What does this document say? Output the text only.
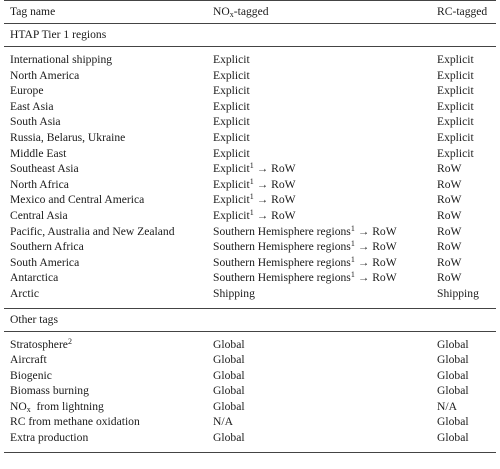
Tag name	$NO_x$-tagged	RC-tagged
HTAP Tier 1 regions		
International shipping	Explicit	Explicit
North America	Explicit	Explicit
Europe	Explicit	Explicit
East Asia	Explicit	Explicit
South Asia	Explicit	Explicit
Russia, Belarus, Ukraine	Explicit	Explicit
Middle East	Explicit	Explicit
Southeast Asia	Explicit$^1$ → RoW	RoW
North Africa	Explicit$^1$ → RoW	RoW
Mexico and Central America	Explicit$^1$ → RoW	RoW
Central Asia	Explicit$^1$ → RoW	RoW
Pacific, Australia and New Zealand	Southern Hemisphere regions$^1$ → RoW	RoW
Southern Africa	Southern Hemisphere regions$^1$ → RoW	RoW
South America	Southern Hemisphere regions$^1$ → RoW	RoW
Antarctica	Southern Hemisphere regions$^1$ → RoW	RoW
Arctic	Shipping	Shipping
Other tags		
Stratosphere$^2$	Global	Global
Aircraft	Global	Global
Biogenic	Global	Global
Biomass burning	Global	Global
$NO_x$  from lightning	Global	N/A
RC from methane oxidation	N/A	Global
Extra production	Global	Global
